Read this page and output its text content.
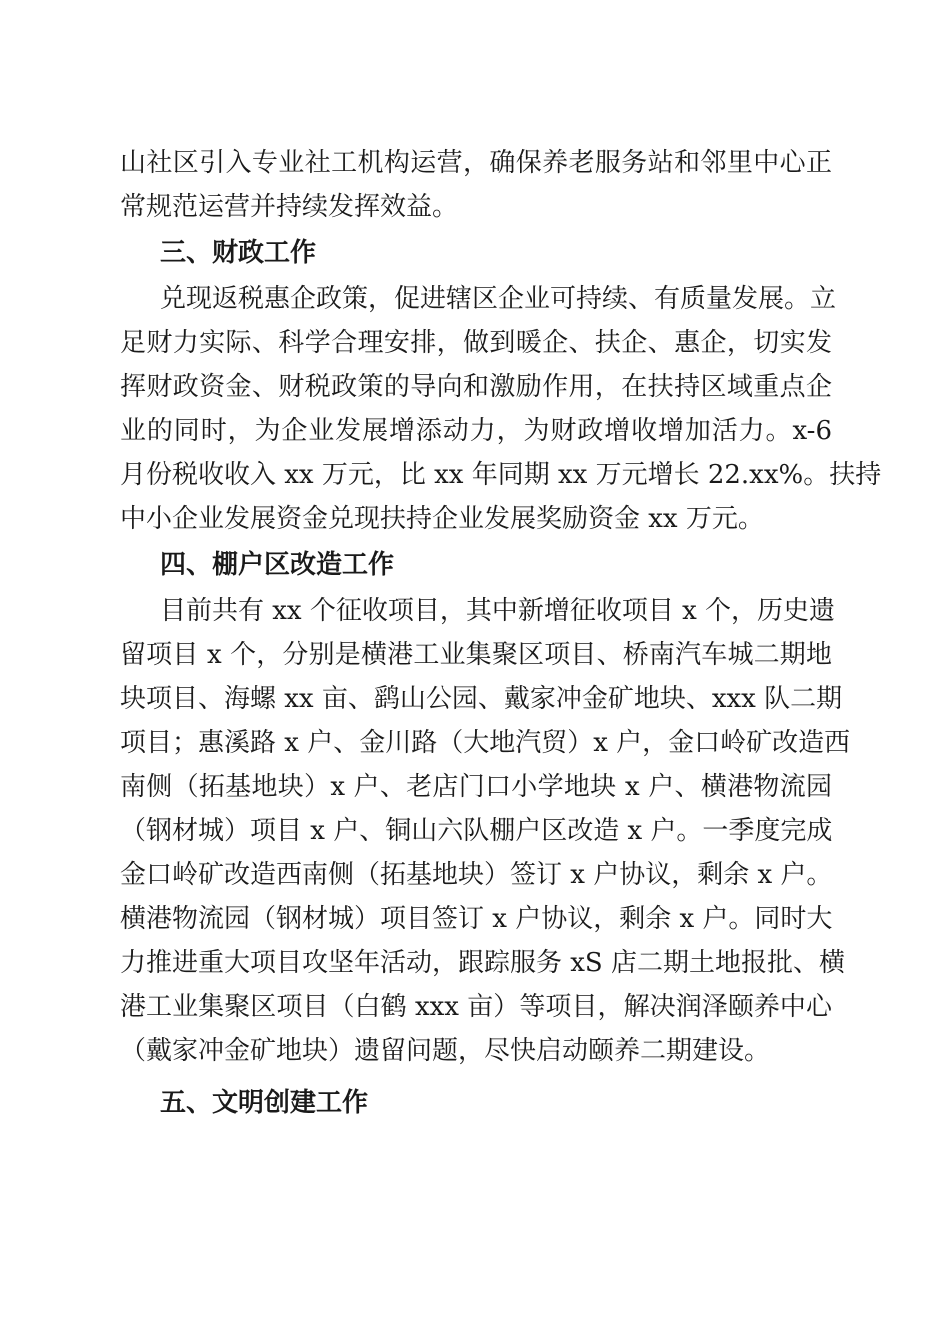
山社区引入专业社工机构运营，确保养老服务站和邻里中心正
常规范运营并持续发挥效益。
三、财政工作
兑现返税惠企政策，促进辖区企业可持续、有质量发展。立
足财力实际、科学合理安排，做到暖企、扶企、惠企，切实发
挥财政资金、财税政策的导向和激励作用，在扶持区域重点企
业的同时，为企业发展增添动力，为财政增收增加活力。x-6
月份税收收入 xx 万元，比 xx 年同期 xx 万元增长 22.xx%。扶持
中小企业发展资金兑现扶持企业发展奖励资金 xx 万元。
四、棚户区改造工作
目前共有 xx 个征收项目，其中新增征收项目 x 个，历史遗
留项目 x 个，分别是横港工业集聚区项目、桥南汽车城二期地
块项目、海螺 xx 亩、鹞山公园、戴家冲金矿地块、xxx 队二期
项目；惠溪路 x 户、金川路（大地汽贸）x 户，金口岭矿改造西
南侧（拓基地块）x 户、老店门口小学地块 x 户、横港物流园
（钢材城）项目 x 户、铜山六队棚户区改造 x 户。一季度完成
金口岭矿改造西南侧（拓基地块）签订 x 户协议，剩余 x 户。
横港物流园（钢材城）项目签订 x 户协议，剩余 x 户。同时大
力推进重大项目攻坚年活动，跟踪服务 xS 店二期土地报批、横
港工业集聚区项目（白鹤 xxx 亩）等项目，解决润泽颐养中心
（戴家冲金矿地块）遗留问题，尽快启动颐养二期建设。
五、文明创建工作
